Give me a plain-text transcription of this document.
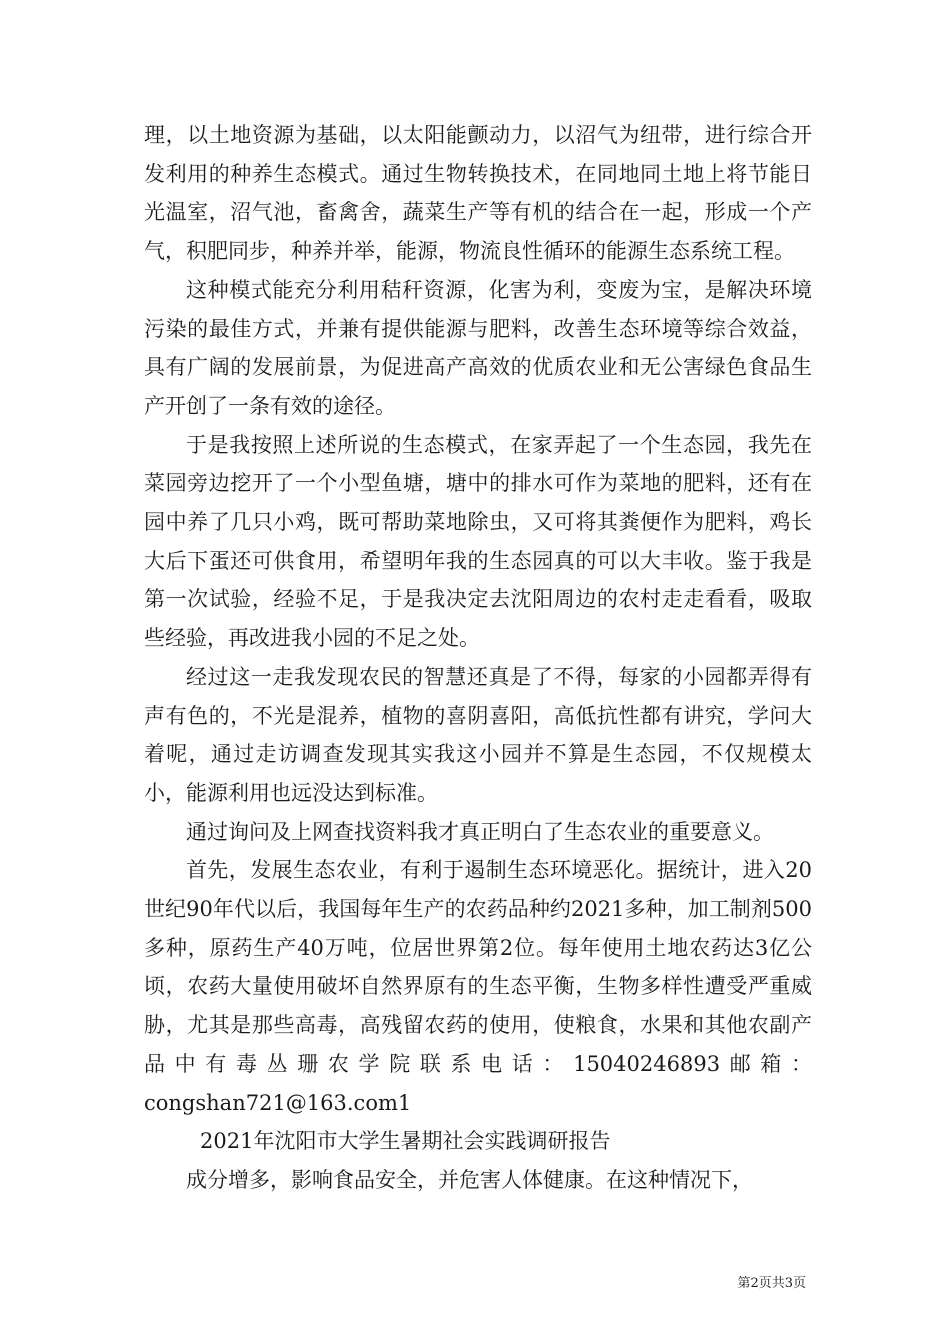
理，以土地资源为基础，以太阳能颤动力，以沼气为纽带，进行综合开发利用的种养生态模式。通过生物转换技术，在同地同土地上将节能日光温室，沼气池，畜禽舍，蔬菜生产等有机的结合在一起，形成一个产气，积肥同步，种养并举，能源，物流良性循环的能源生态系统工程。

这种模式能充分利用秸秆资源，化害为利，变废为宝，是解决环境污染的最佳方式，并兼有提供能源与肥料，改善生态环境等综合效益，具有广阔的发展前景，为促进高产高效的优质农业和无公害绿色食品生产开创了一条有效的途径。

于是我按照上述所说的生态模式，在家弄起了一个生态园，我先在菜园旁边挖开了一个小型鱼塘，塘中的排水可作为菜地的肥料，还有在园中养了几只小鸡，既可帮助菜地除虫，又可将其粪便作为肥料，鸡长大后下蛋还可供食用，希望明年我的生态园真的可以大丰收。鉴于我是第一次试验，经验不足，于是我决定去沈阳周边的农村走走看看，吸取些经验，再改进我小园的不足之处。

经过这一走我发现农民的智慧还真是了不得，每家的小园都弄得有声有色的，不光是混养，植物的喜阴喜阳，高低抗性都有讲究，学问大着呢，通过走访调查发现其实我这小园并不算是生态园，不仅规模太小，能源利用也远没达到标准。

通过询问及上网查找资料我才真正明白了生态农业的重要意义。

首先，发展生态农业，有利于遏制生态环境恶化。据统计，进入20世纪90年代以后，我国每年生产的农药品种约2021多种，加工制剂500多种，原药生产40万吨，位居世界第2位。每年使用土地农药达3亿公顷，农药大量使用破坏自然界原有的生态平衡，生物多样性遭受严重威胁，尤其是那些高毒，高残留农药的使用，使粮食，水果和其他农副产品中有毒丛珊农学院联系电话：15040246893邮箱：congshan721@163.com1

2021年沈阳市大学生暑期社会实践调研报告

成分增多，影响食品安全，并危害人体健康。在这种情况下，

第2页共3页
